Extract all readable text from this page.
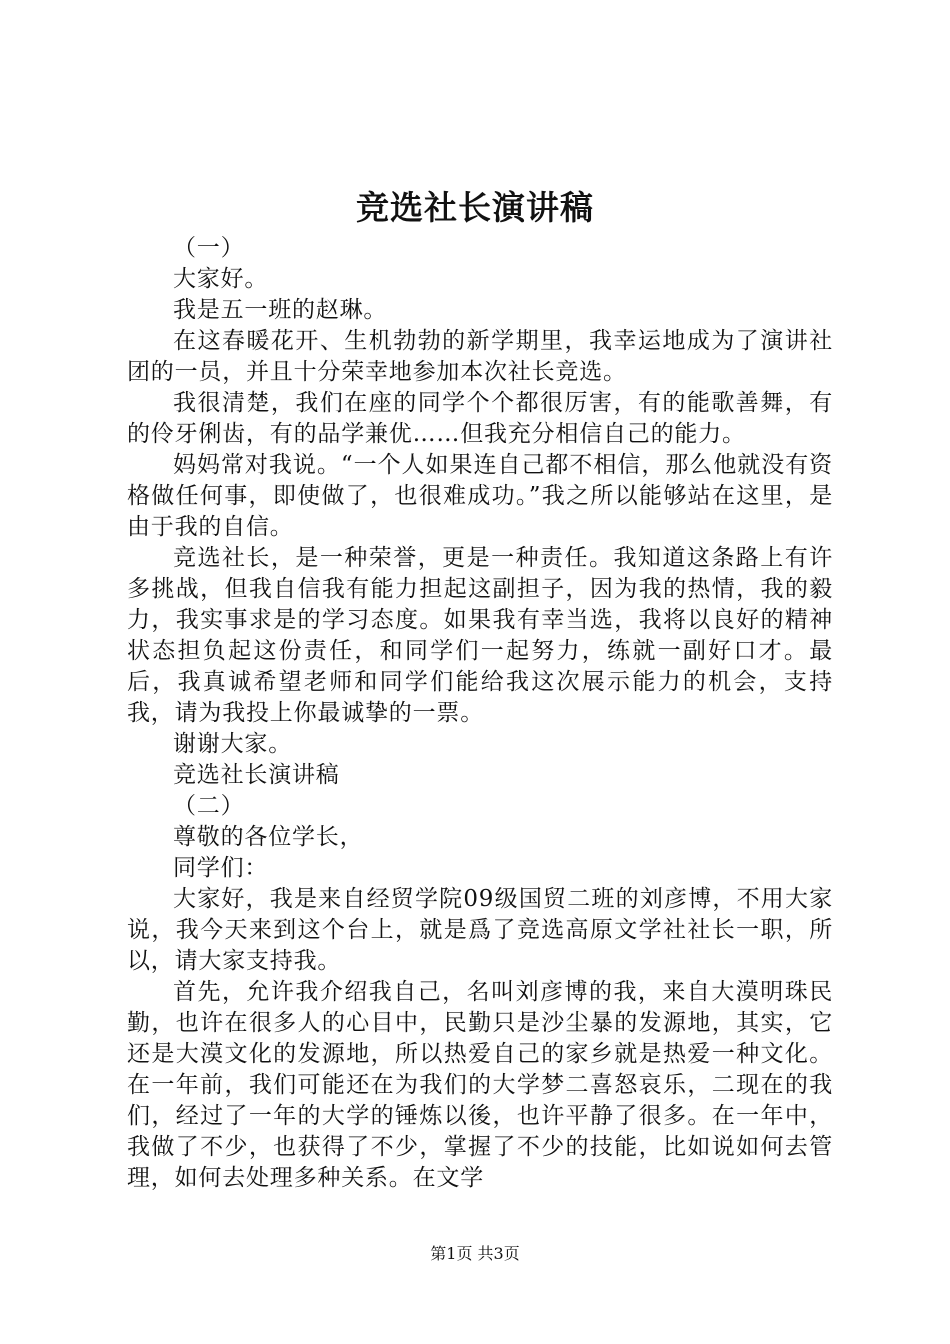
竞选社长演讲稿

（一）

大家好。

我是五一班的赵琳。

在这春暖花开、生机勃勃的新学期里，我幸运地成为了演讲社团的一员，并且十分荣幸地参加本次社长竞选。

我很清楚，我们在座的同学个个都很厉害，有的能歌善舞，有的伶牙俐齿，有的品学兼优……但我充分相信自己的能力。

妈妈常对我说。“一个人如果连自己都不相信，那么他就没有资格做任何事，即使做了，也很难成功。”我之所以能够站在这里，是由于我的自信。

竞选社长，是一种荣誉，更是一种责任。我知道这条路上有许多挑战，但我自信我有能力担起这副担子，因为我的热情，我的毅力，我实事求是的学习态度。如果我有幸当选，我将以良好的精神状态担负起这份责任，和同学们一起努力，练就一副好口才。最后，我真诚希望老师和同学们能给我这次展示能力的机会，支持我，请为我投上你最诚挚的一票。

谢谢大家。

竞选社长演讲稿

（二）

尊敬的各位学长，

同学们：

大家好，我是来自经贸学院09级国贸二班的刘彦博，不用大家说，我今天来到这个台上，就是爲了竞选高原文学社社长一职，所以，请大家支持我。

首先，允许我介绍我自己，名叫刘彦博的我，来自大漠明珠民勤，也许在很多人的心目中，民勤只是沙尘暴的发源地，其实，它还是大漠文化的发源地，所以热爱自己的家乡就是热爱一种文化。在一年前，我们可能还在为我们的大学梦二喜怒哀乐，二现在的我们，经过了一年的大学的锤炼以後，也许平静了很多。在一年中，我做了不少，也获得了不少，掌握了不少的技能，比如说如何去管理，如何去处理多种关系。在文学

第1页 共3页
